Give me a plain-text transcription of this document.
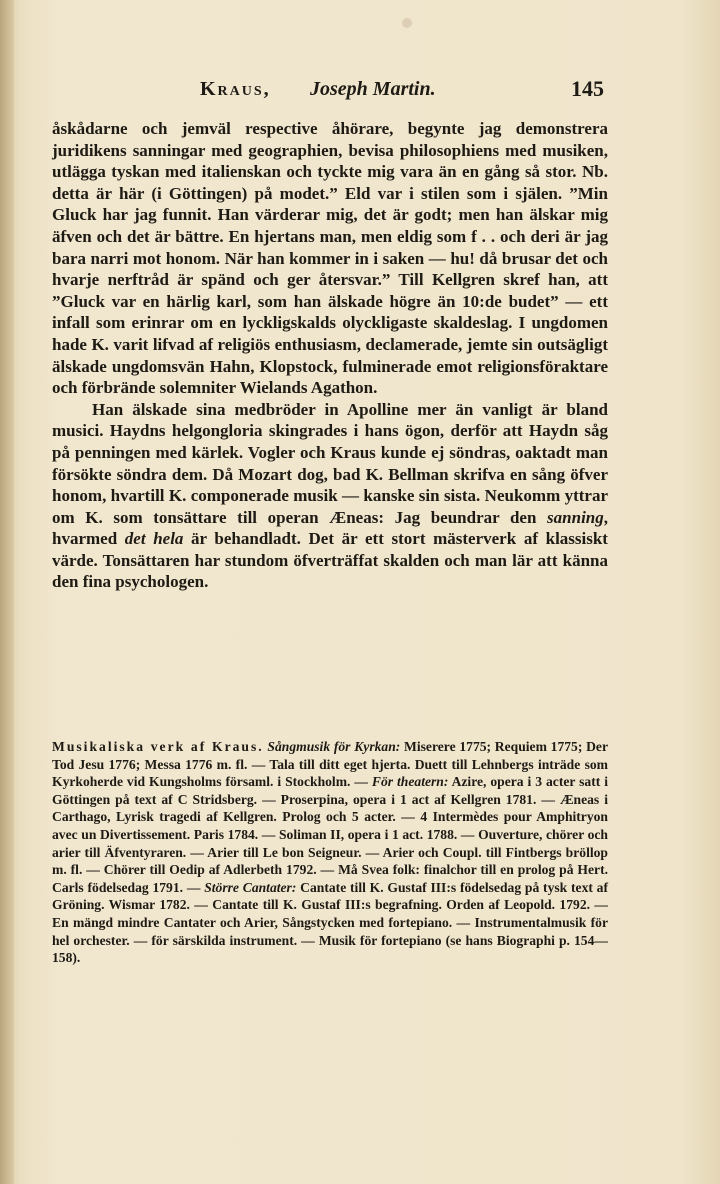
Kraus, Joseph Martin.	145

åskådarne och jemväl respective åhörare, begynte jag demonstrera juridikens sanningar med geographien, bevisa philosophiens med musiken, utlägga tyskan med italienskan och tyckte mig vara än en gång så stor. Nb. detta är här (i Göttingen) på modet.” Eld var i stilen som i själen. ”Min Gluck har jag funnit. Han värderar mig, det är godt; men han älskar mig äfven och det är bättre. En hjertans man, men eldig som f . . och deri är jag bara narri mot honom. När han kommer in i saken — hu! då brusar det och hvarje nerftråd är spänd och ger återsvar.” Till Kellgren skref han, att ”Gluck var en härlig karl, som han älskade högre än 10:de budet” — ett infall som erinrar om en lyckligskalds olyckligaste skaldeslag. I ungdomen hade K. varit lifvad af religiös enthusiasm, declamerade, jemte sin outsägligt älskade ungdomsvän Hahn, Klopstock, fulminerade emot religionsföraktare och förbrände solemniter Wielands Agathon.

Han älskade sina medbröder in Apolline mer än vanligt är bland musici. Haydns helgongloria skingrades i hans ögon, derför att Haydn såg på penningen med kärlek. Vogler och Kraus kunde ej söndras, oaktadt man försökte söndra dem. Då Mozart dog, bad K. Bellman skrifva en sång öfver honom, hvartill K. componerade musik — kanske sin sista. Neukomm yttrar om K. som tonsättare till operan Æneas: Jag beundrar den sanning, hvarmed det hela är behandladt. Det är ett stort mästerverk af klassiskt värde. Tonsättaren har stundom öfverträffat skalden och man lär att känna den fina psychologen.

Musikaliska verk af Kraus. Sångmusik för Kyrkan: Miserere 1775; Requiem 1775; Der Tod Jesu 1776; Messa 1776 m. fl. — Tala till ditt eget hjerta. Duett till Lehnbergs inträde som Kyrkoherde vid Kungsholms församl. i Stockholm. — För theatern: Azire, opera i 3 acter satt i Göttingen på text af C Stridsberg. — Proserpina, opera i 1 act af Kellgren 1781. — Æneas i Carthago, Lyrisk tragedi af Kellgren. Prolog och 5 acter. — 4 Intermèdes pour Amphitryon avec un Divertissement. Paris 1784. — Soliman II, opera i 1 act. 1788. — Ouverture, chörer och arier till Äfventyraren. — Arier till Le bon Seigneur. — Arier och Coupl. till Fintbergs bröllop m. fl. — Chörer till Oedip af Adlerbeth 1792. — Må Svea folk: finalchor till en prolog på Hert. Carls födelsedag 1791. — Större Cantater: Cantate till K. Gustaf III:s födelsedag på tysk text af Gröning. Wismar 1782. — Cantate till K. Gustaf III:s begrafning. Orden af Leopold. 1792. — En mängd mindre Cantater och Arier, Sångstycken med fortepiano. — Instrumentalmusik för hel orchester. — för särskilda instrument. — Musik för fortepiano (se hans Biographi p. 154—158).
